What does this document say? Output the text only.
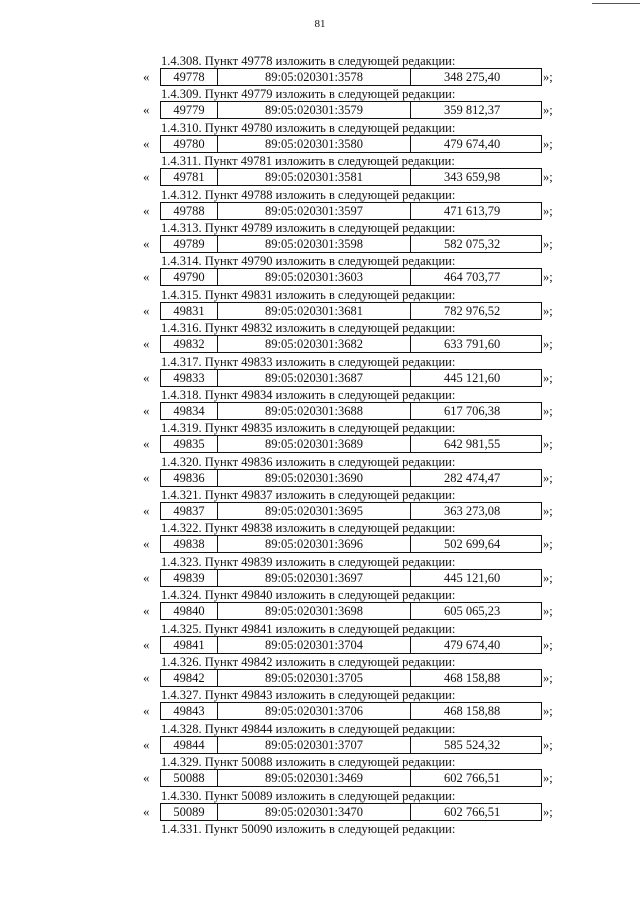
81
1.4.308. Пункт 49778 изложить в следующей редакции:
«	49778	89:05:020301:3578	348 275,40	»;
1.4.309. Пункт 49779 изложить в следующей редакции:
«	49779	89:05:020301:3579	359 812,37	»;
1.4.310. Пункт 49780 изложить в следующей редакции:
«	49780	89:05:020301:3580	479 674,40	»;
1.4.311. Пункт 49781 изложить в следующей редакции:
«	49781	89:05:020301:3581	343 659,98	»;
1.4.312. Пункт 49788 изложить в следующей редакции:
«	49788	89:05:020301:3597	471 613,79	»;
1.4.313. Пункт 49789 изложить в следующей редакции:
«	49789	89:05:020301:3598	582 075,32	»;
1.4.314. Пункт 49790 изложить в следующей редакции:
«	49790	89:05:020301:3603	464 703,77	»;
1.4.315. Пункт 49831 изложить в следующей редакции:
«	49831	89:05:020301:3681	782 976,52	»;
1.4.316. Пункт 49832 изложить в следующей редакции:
«	49832	89:05:020301:3682	633 791,60	»;
1.4.317. Пункт 49833 изложить в следующей редакции:
«	49833	89:05:020301:3687	445 121,60	»;
1.4.318. Пункт 49834 изложить в следующей редакции:
«	49834	89:05:020301:3688	617 706,38	»;
1.4.319. Пункт 49835 изложить в следующей редакции:
«	49835	89:05:020301:3689	642 981,55	»;
1.4.320. Пункт 49836 изложить в следующей редакции:
«	49836	89:05:020301:3690	282 474,47	»;
1.4.321. Пункт 49837 изложить в следующей редакции:
«	49837	89:05:020301:3695	363 273,08	»;
1.4.322. Пункт 49838 изложить в следующей редакции:
«	49838	89:05:020301:3696	502 699,64	»;
1.4.323. Пункт 49839 изложить в следующей редакции:
«	49839	89:05:020301:3697	445 121,60	»;
1.4.324. Пункт 49840 изложить в следующей редакции:
«	49840	89:05:020301:3698	605 065,23	»;
1.4.325. Пункт 49841 изложить в следующей редакции:
«	49841	89:05:020301:3704	479 674,40	»;
1.4.326. Пункт 49842 изложить в следующей редакции:
«	49842	89:05:020301:3705	468 158,88	»;
1.4.327. Пункт 49843 изложить в следующей редакции:
«	49843	89:05:020301:3706	468 158,88	»;
1.4.328. Пункт 49844 изложить в следующей редакции:
«	49844	89:05:020301:3707	585 524,32	»;
1.4.329. Пункт 50088 изложить в следующей редакции:
«	50088	89:05:020301:3469	602 766,51	»;
1.4.330. Пункт 50089 изложить в следующей редакции:
«	50089	89:05:020301:3470	602 766,51	»;
1.4.331. Пункт 50090 изложить в следующей редакции:
